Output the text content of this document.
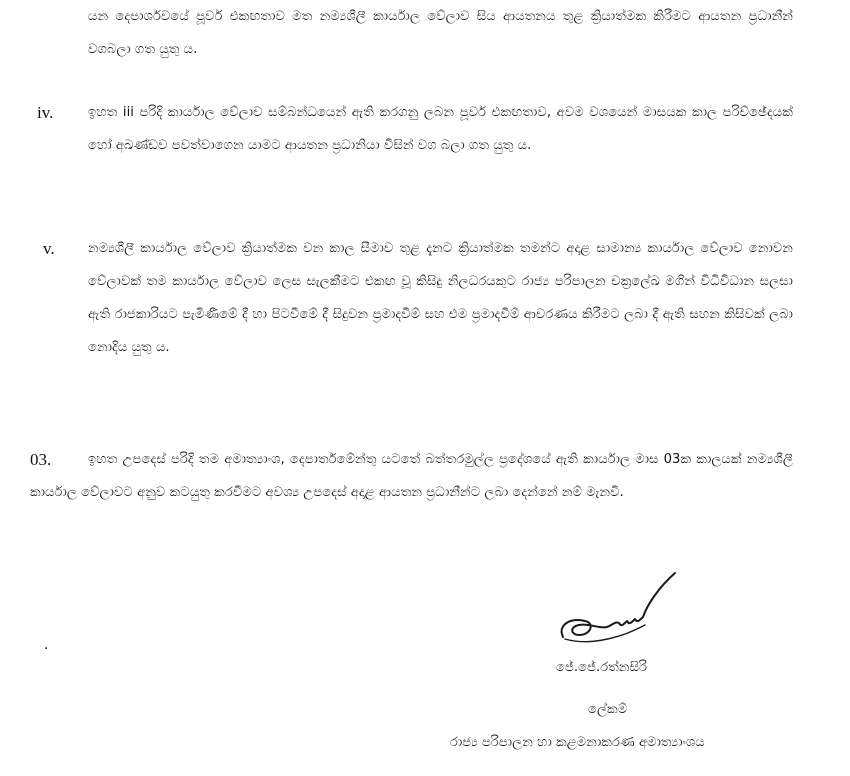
යන දෙපාර්ශවයේ පූර්ව එකඟතාව මත නම්‍යශීලී කාර්යාල වේලාව සිය ආයතනය තුළ ක්‍රියාත්මක කිරීමට ආයතන ප්‍රධානීන් වගබලා ගත යුතු ය.

iv.	ඉහත iii පරිදි කාර්යාල වේලාව සම්බන්ධයෙන් ඇති කරගනු ලබන පූර්ව එකඟතාව, අවම වශයෙන් මාසයක කාල පරිච්ඡේදයක් හෝ අඛණ්ඩව පවත්වාගෙන යාමට ආයතන ප්‍රධානියා විසින් වග බලා ගත යුතු ය.

v.	නම්‍යශීලී කාර්යාල වේලාව ක්‍රියාත්මක වන කාල සීමාව තුළ දැනට ක්‍රියාත්මක තමන්ට අදාළ සාමාන්‍ය කාර්යාල වේලාව නොවන වේලාවක් තම කාර්යාල වේලාව ලෙස සැලකීමට එකඟ වූ කිසිදු නිලධරයකුට රාජ්‍ය පරිපාලන චක්‍රලේඛ මගින් විධිවිධාන සලසා ඇති රාජකාරියට පැමිණීමේ දී හා පිටවීමේ දී සිදුවන ප්‍රමාදවීම් සහ එම ප්‍රමාදවීම් ආවරණය කිරීමට ලබා දී ඇති සහන කිසිවක් ලබා නොදිය යුතු ය.

03.	ඉහත උපදෙස් පරිදි තම අමාත්‍යාංශ, දෙපාර්තමේන්තු යටතේ බත්තරමුල්ල ප්‍රදේශයේ ඇති කාර්යාල මාස 03ක කාලයක් නම්‍යශීලී කාර්යාල වේලාවට අනුව කටයුතු කරවීමට අවශ්‍ය උපදෙස් අදාළ ආයතන ප්‍රධානීන්ට ලබා දෙන්නේ නම් මැනවි.

.
ජේ.ජේ.රත්නසිරි
ලේකම්
රාජ්‍ය පරිපාලන හා කළමනාකරණ අමාත්‍යාංශය
